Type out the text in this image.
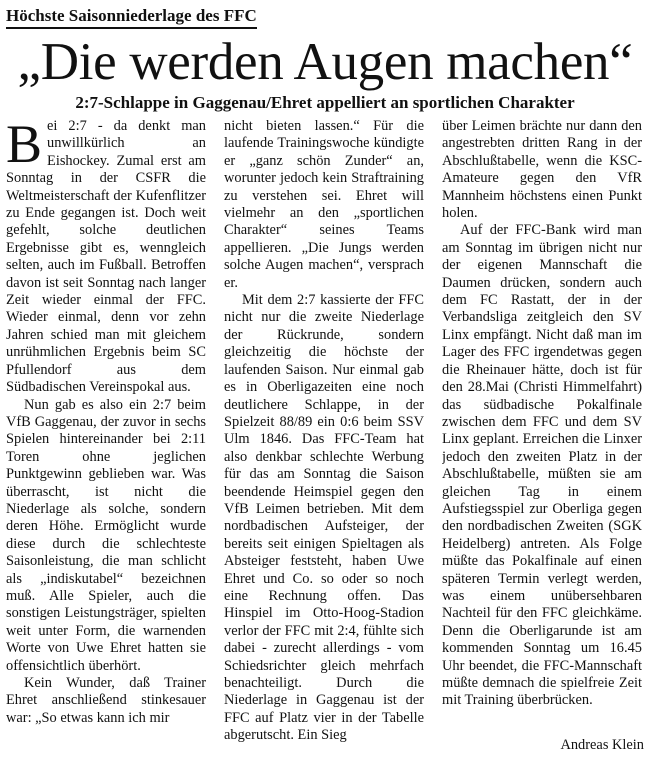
Höchste Saisonniederlage des FFC
„Die werden Augen machen“
2:7-Schlappe in Gaggenau/Ehret appelliert an sportlichen Charakter

Bei 2:7 - da denkt man unwillkürlich an Eishockey. Zumal erst am Sonntag in der CSFR die Weltmeisterschaft der Kufenflitzer zu Ende gegangen ist. Doch weit gefehlt, solche deutlichen Ergebnisse gibt es, wenngleich selten, auch im Fußball. Betroffen davon ist seit Sonntag nach langer Zeit wieder einmal der FFC. Wieder einmal, denn vor zehn Jahren schied man mit gleichem unrühmlichen Ergebnis beim SC Pfullendorf aus dem Südbadischen Vereinspokal aus.

Nun gab es also ein 2:7 beim VfB Gaggenau, der zuvor in sechs Spielen hintereinander bei 2:11 Toren ohne jeglichen Punktgewinn geblieben war. Was überrascht, ist nicht die Niederlage als solche, sondern deren Höhe. Ermöglicht wurde diese durch die schlechteste Saisonleistung, die man schlicht als „indiskutabel“ bezeichnen muß. Alle Spieler, auch die sonstigen Leistungsträger, spielten weit unter Form, die warnenden Worte von Uwe Ehret hatten sie offensichtlich überhört.

Kein Wunder, daß Trainer Ehret anschließend stinkesauer war: „So etwas kann ich mir

nicht bieten lassen.“ Für die laufende Trainingswoche kündigte er „ganz schön Zunder“ an, worunter jedoch kein Straftraining zu verstehen sei. Ehret will vielmehr an den „sportlichen Charakter“ seines Teams appellieren. „Die Jungs werden solche Augen machen“, versprach er.

Mit dem 2:7 kassierte der FFC nicht nur die zweite Niederlage der Rückrunde, sondern gleichzeitig die höchste der laufenden Saison. Nur einmal gab es in Oberligazeiten eine noch deutlichere Schlappe, in der Spielzeit 88/89 ein 0:6 beim SSV Ulm 1846. Das FFC-Team hat also denkbar schlechte Werbung für das am Sonntag die Saison beendende Heimspiel gegen den VfB Leimen betrieben. Mit dem nordbadischen Aufsteiger, der bereits seit einigen Spieltagen als Absteiger feststeht, haben Uwe Ehret und Co. so oder so noch eine Rechnung offen. Das Hinspiel im Otto-Hoog-Stadion verlor der FFC mit 2:4, fühlte sich dabei - zurecht allerdings - vom Schiedsrichter gleich mehrfach benachteiligt. Durch die Niederlage in Gaggenau ist der FFC auf Platz vier in der Tabelle abgerutscht. Ein Sieg

über Leimen brächte nur dann den angestrebten dritten Rang in der Abschlußtabelle, wenn die KSC-Amateure gegen den VfR Mannheim höchstens einen Punkt holen.

Auf der FFC-Bank wird man am Sonntag im übrigen nicht nur der eigenen Mannschaft die Daumen drücken, sondern auch dem FC Rastatt, der in der Verbandsliga zeitgleich den SV Linx empfängt. Nicht daß man im Lager des FFC irgendetwas gegen die Rheinauer hätte, doch ist für den 28.Mai (Christi Himmelfahrt) das südbadische Pokalfinale zwischen dem FFC und dem SV Linx geplant. Erreichen die Linxer jedoch den zweiten Platz in der Abschlußtabelle, müßten sie am gleichen Tag in einem Aufstiegsspiel zur Oberliga gegen den nordbadischen Zweiten (SGK Heidelberg) antreten. Als Folge müßte das Pokalfinale auf einen späteren Termin verlegt werden, was einem unübersehbaren Nachteil für den FFC gleichkäme. Denn die Oberligarunde ist am kommenden Sonntag um 16.45 Uhr beendet, die FFC-Mannschaft müßte demnach die spielfreie Zeit mit Training überbrücken.

Andreas Klein
